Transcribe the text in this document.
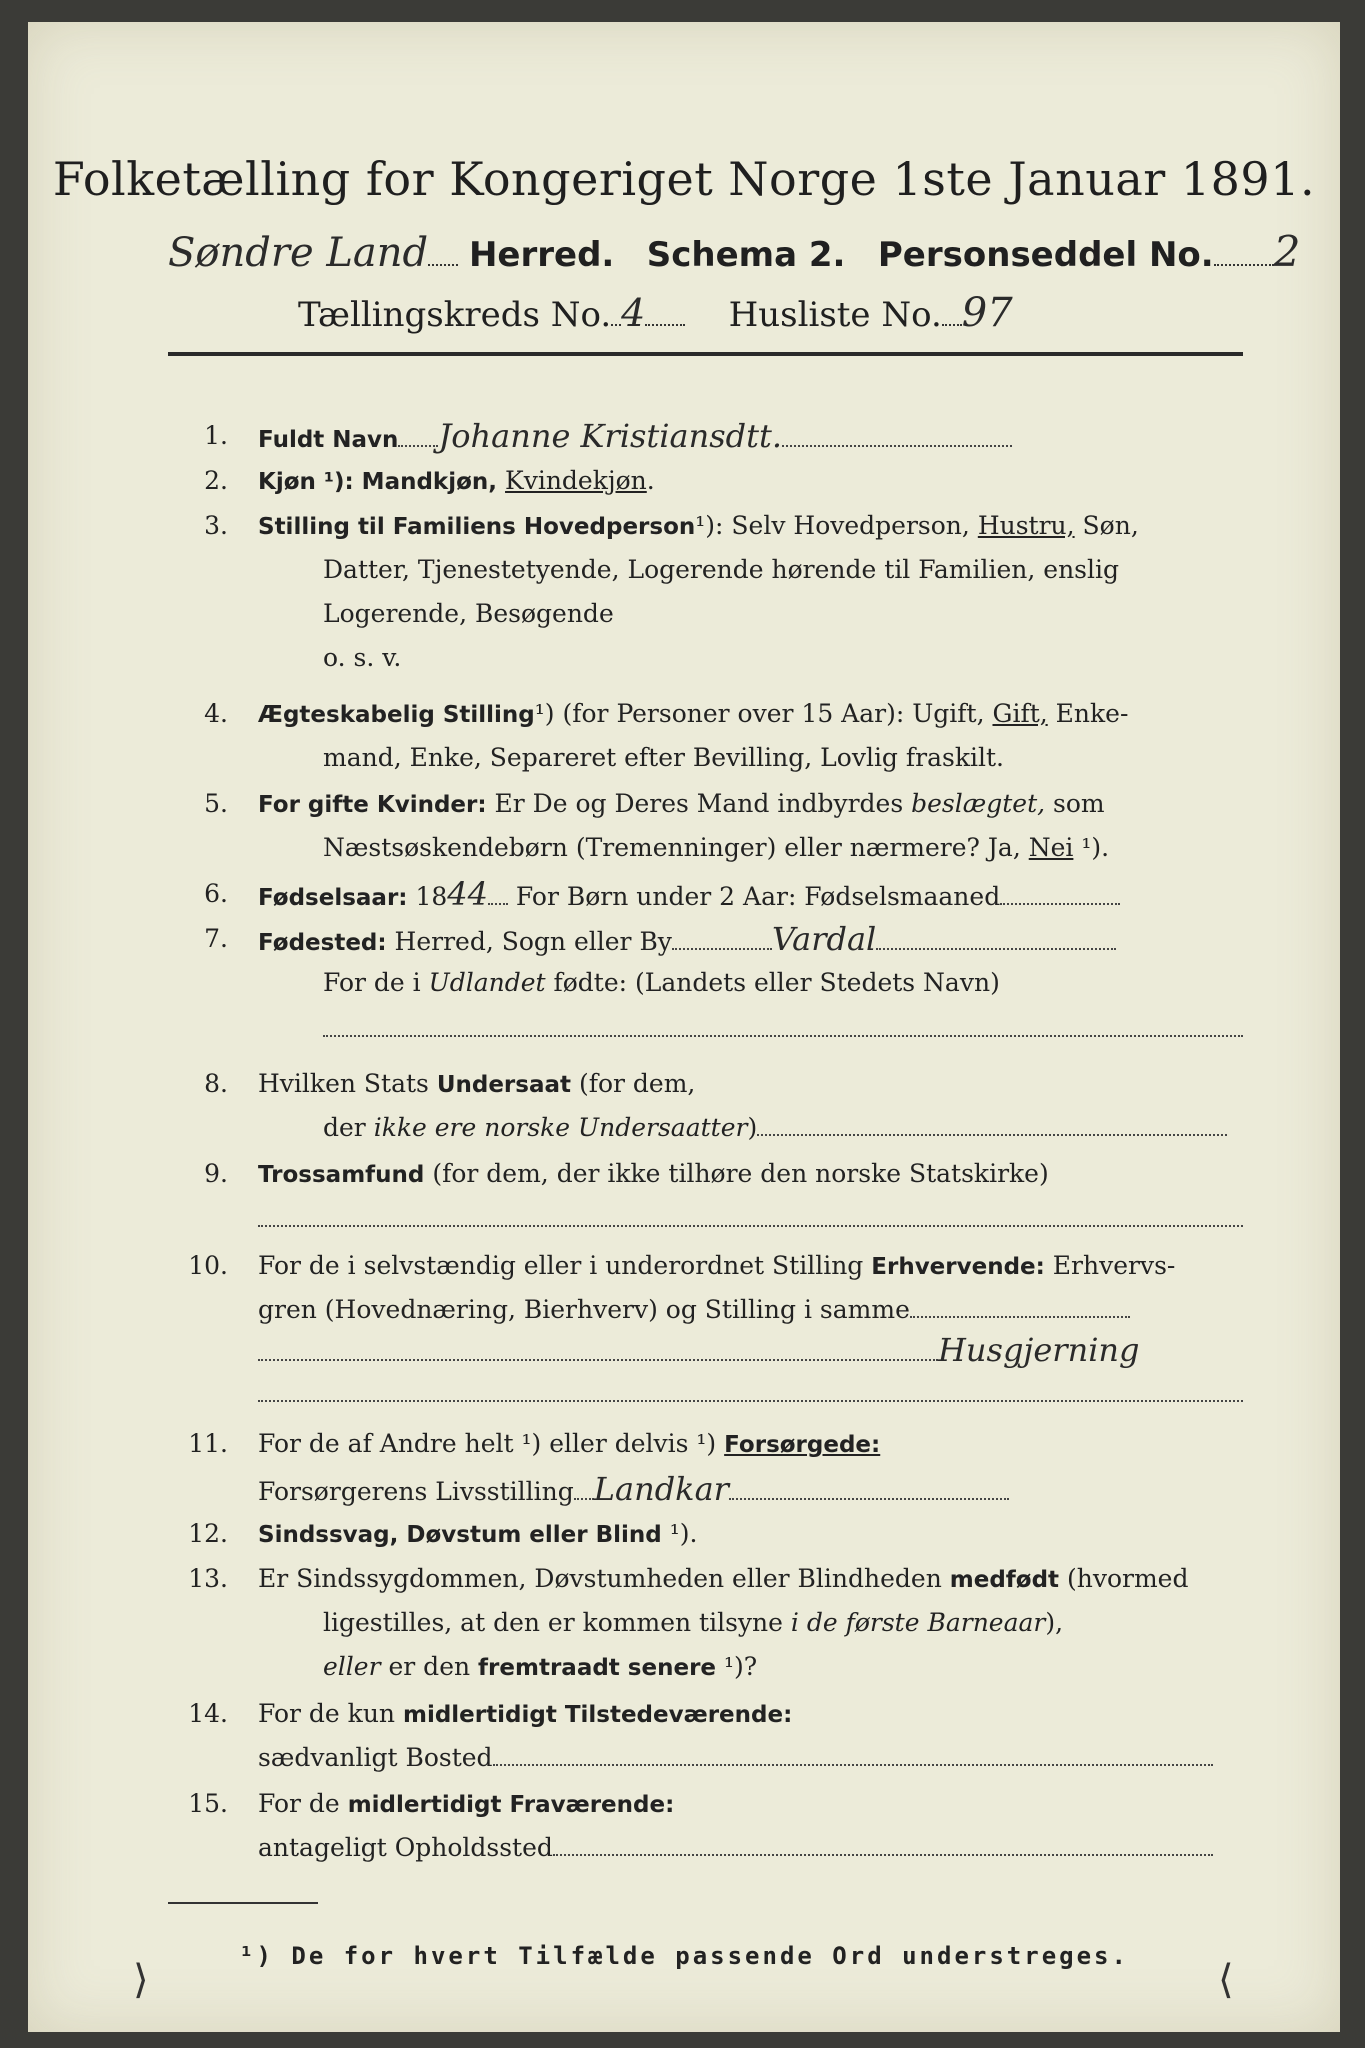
Folketælling for Kongeriget Norge 1ste Januar 1891.
Søndre Land Herred. Schema 2. Personseddel No. 2
Tællingskreds No. 4 Husliste No. 97
1. Fuldt Navn Johanne Kristiansdtt.
2. Kjøn ¹): Mandkjøn, Kvindekjøn.
3. Stilling til Familiens Hovedperson¹): Selv Hovedperson, Hustru, Søn,
Datter, Tjenestetyende, Logerende hørende til Familien, enslig
Logerende, Besøgende
o. s. v.
4. Ægteskabelig Stilling¹) (for Personer over 15 Aar): Ugift, Gift, Enke-
mand, Enke, Separeret efter Bevilling, Lovlig fraskilt.
5. For gifte Kvinder: Er De og Deres Mand indbyrdes beslægtet, som
Næstsøskendebørn (Tremenninger) eller nærmere? Ja, Nei ¹).
6. Fødselsaar: 1844 For Børn under 2 Aar: Fødselsmaaned
7. Fødested: Herred, Sogn eller By	Vardal
For de i Udlandet fødte: (Landets eller Stedets Navn)
8. Hvilken Stats Undersaat (for dem,
der ikke ere norske Undersaatter)
9. Trossamfund (for dem, der ikke tilhøre den norske Statskirke)
10. For de i selvstændig eller i underordnet Stilling Erhvervende: Erhvervs-
gren (Hovednæring, Bierhverv) og Stilling i samme
Husgjerning
11. For de af Andre helt ¹) eller delvis ¹) Forsørgede:
Forsørgerens Livsstilling Landkar
12. Sindssvag, Døvstum eller Blind ¹).
13. Er Sindssygdommen, Døvstumheden eller Blindheden medfødt (hvormed
ligestilles, at den er kommen tilsyne i de første Barneaar),
eller er den fremtraadt senere ¹)?
14. For de kun midlertidigt Tilstedeværende:
sædvanligt Bosted
15. For de midlertidigt Fraværende:
antageligt Opholdssted
¹) De for hvert Tilfælde passende Ord understreges.
⟩	⟨
